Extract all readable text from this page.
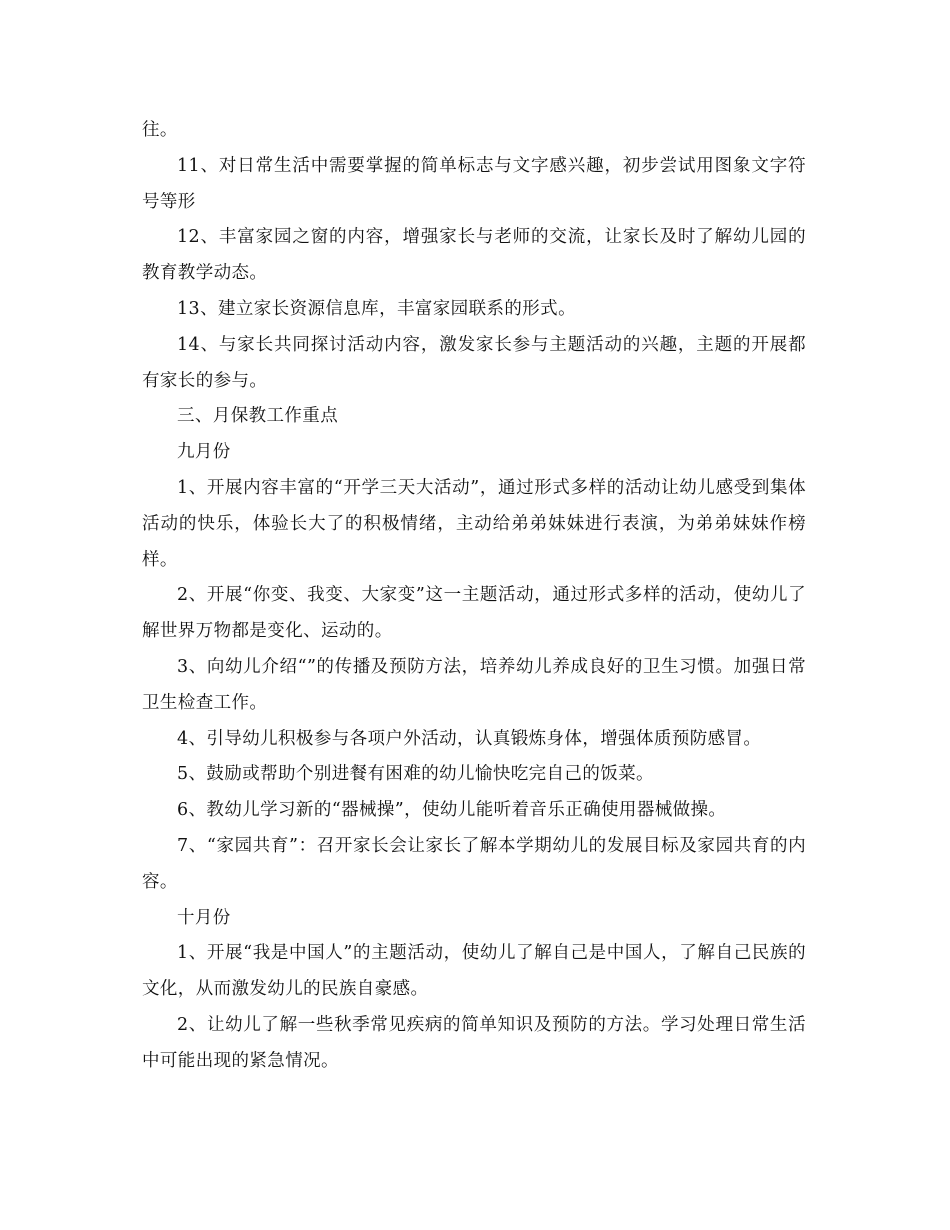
往。

11、对日常生活中需要掌握的简单标志与文字感兴趣，初步尝试用图象文字符号等形

12、丰富家园之窗的内容，增强家长与老师的交流，让家长及时了解幼儿园的教育教学动态。

13、建立家长资源信息库，丰富家园联系的形式。

14、与家长共同探讨活动内容，激发家长参与主题活动的兴趣，主题的开展都有家长的参与。

三、月保教工作重点

九月份

1、开展内容丰富的“开学三天大活动”，通过形式多样的活动让幼儿感受到集体活动的快乐，体验长大了的积极情绪，主动给弟弟妹妹进行表演，为弟弟妹妹作榜样。

2、开展“你变、我变、大家变”这一主题活动，通过形式多样的活动，使幼儿了解世界万物都是变化、运动的。

3、向幼儿介绍“”的传播及预防方法，培养幼儿养成良好的卫生习惯。加强日常卫生检查工作。

4、引导幼儿积极参与各项户外活动，认真锻炼身体，增强体质预防感冒。

5、鼓励或帮助个别进餐有困难的幼儿愉快吃完自己的饭菜。

6、教幼儿学习新的“器械操”，使幼儿能听着音乐正确使用器械做操。

7、“家园共育”：召开家长会让家长了解本学期幼儿的发展目标及家园共育的内容。

十月份

1、开展“我是中国人”的主题活动，使幼儿了解自己是中国人，了解自己民族的文化，从而激发幼儿的民族自豪感。

2、让幼儿了解一些秋季常见疾病的简单知识及预防的方法。学习处理日常生活中可能出现的紧急情况。
